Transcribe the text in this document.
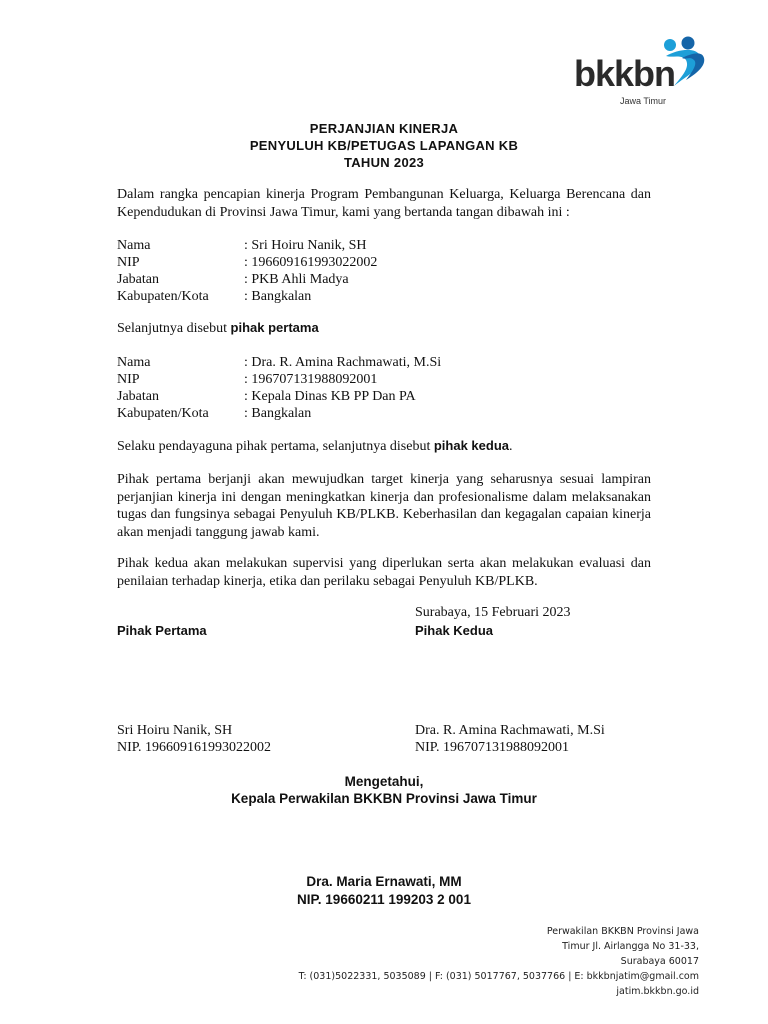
bkkbn
Jawa Timur
PERJANJIAN KINERJA
PENYULUH KB/PETUGAS LAPANGAN KB
TAHUN 2023
Dalam rangka pencapian kinerja Program Pembangunan Keluarga, Keluarga Berencana dan
Kependudukan di Provinsi Jawa Timur, kami yang bertanda tangan dibawah ini :
Nama	: Sri Hoiru Nanik, SH
NIP	: 196609161993022002
Jabatan	: PKB Ahli Madya
Kabupaten/Kota	: Bangkalan
Selanjutnya disebut pihak pertama
Nama	: Dra. R. Amina Rachmawati, M.Si
NIP	: 196707131988092001
Jabatan	: Kepala Dinas KB PP Dan PA
Kabupaten/Kota	: Bangkalan
Selaku pendayaguna pihak pertama, selanjutnya disebut pihak kedua.
Pihak pertama berjanji akan mewujudkan target kinerja yang seharusnya sesuai lampiran
perjanjian kinerja ini dengan meningkatkan kinerja dan profesionalisme dalam melaksanakan
tugas dan fungsinya sebagai Penyuluh KB/PLKB. Keberhasilan dan kegagalan capaian kinerja
akan menjadi tanggung jawab kami.
Pihak kedua akan melakukan supervisi yang diperlukan serta akan melakukan evaluasi dan
penilaian terhadap kinerja, etika dan perilaku sebagai Penyuluh KB/PLKB.
Surabaya, 15 Februari 2023
Pihak Pertama	Pihak Kedua
Sri Hoiru Nanik, SH
NIP. 196609161993022002
Dra. R. Amina Rachmawati, M.Si
NIP. 196707131988092001
Mengetahui,
Kepala Perwakilan BKKBN Provinsi Jawa Timur
Dra. Maria Ernawati, MM
NIP. 19660211 199203 2 001
Perwakilan BKKBN Provinsi Jawa
Timur Jl. Airlangga No 31-33,
Surabaya 60017
T: (031)5022331, 5035089 | F: (031) 5017767, 5037766 | E: bkkbnjatim@gmail.com
jatim.bkkbn.go.id
